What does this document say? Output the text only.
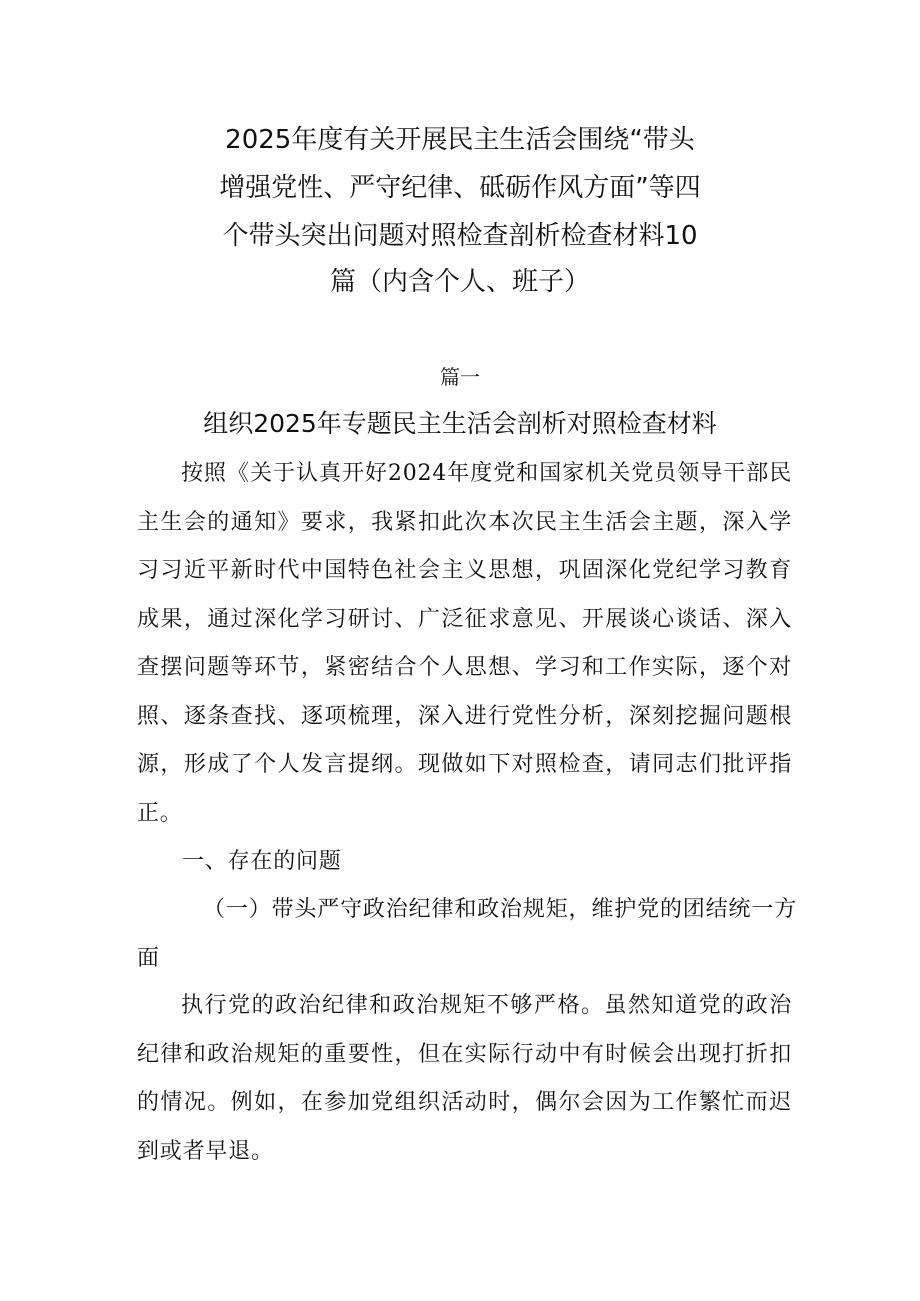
2025年度有关开展民主生活会围绕“带头
增强党性、严守纪律、砥砺作风方面”等四
个带头突出问题对照检查剖析检查材料10
篇（内含个人、班子）
篇一
组织2025年专题民主生活会剖析对照检查材料

按照《关于认真开好2024年度党和国家机关党员领导干部民主生会的通知》要求，我紧扣此次本次民主生活会主题，深入学习习近平新时代中国特色社会主义思想，巩固深化党纪学习教育成果，通过深化学习研讨、广泛征求意见、开展谈心谈话、深入查摆问题等环节，紧密结合个人思想、学习和工作实际，逐个对照、逐条查找、逐项梳理，深入进行党性分析，深刻挖掘问题根源，形成了个人发言提纲。现做如下对照检查，请同志们批评指正。

一、存在的问题

（一）带头严守政治纪律和政治规矩，维护党的团结统一方面

执行党的政治纪律和政治规矩不够严格。虽然知道党的政治纪律和政治规矩的重要性，但在实际行动中有时候会出现打折扣的情况。例如，在参加党组织活动时，偶尔会因为工作繁忙而迟到或者早退。
